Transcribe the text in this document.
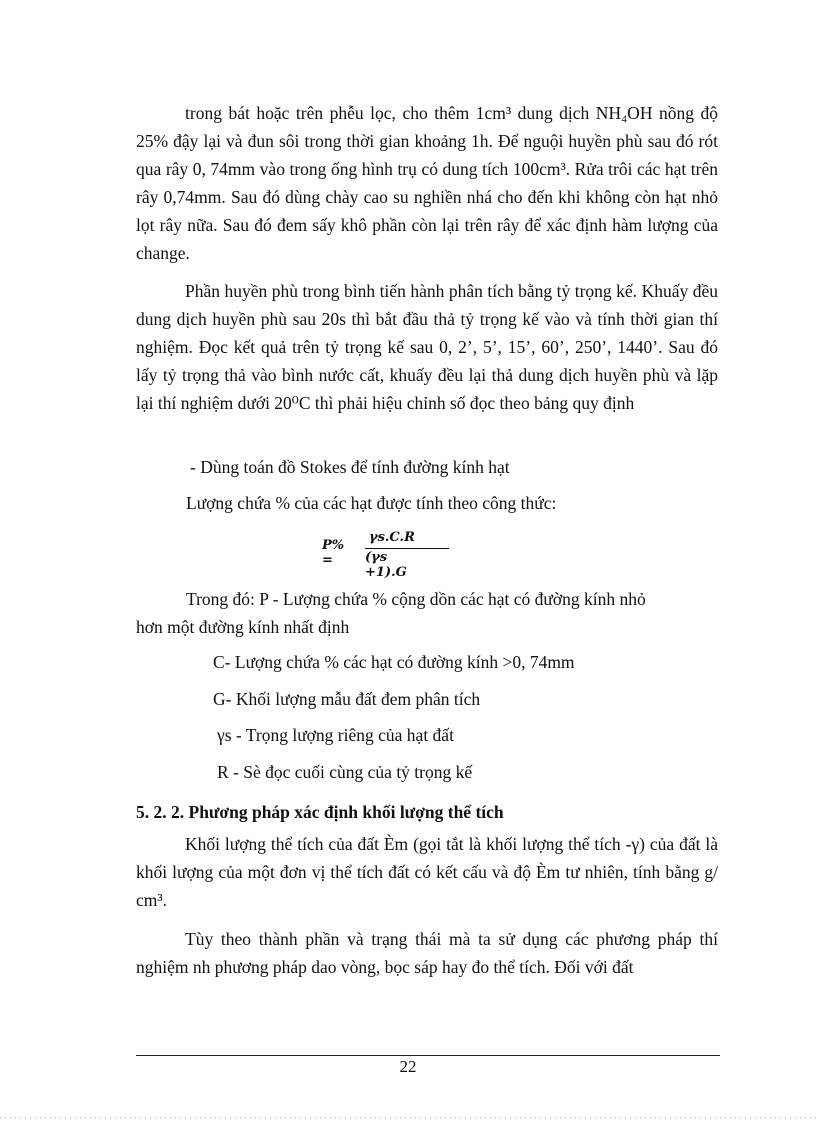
trong bát hoặc trên phễu lọc, cho thêm 1cm³ dung dịch NH₄OH nồng độ 25% đậy lại và đun sôi trong thời gian khoảng 1h. Để nguội huyền phù sau đó rót qua rây 0, 74mm vào trong ống hình trụ có dung tích 100cm³. Rửa trôi các hạt trên rây 0,74mm. Sau đó dùng chày cao su nghiền nhá cho đến khi không còn hạt nhỏ lọt rây nữa. Sau đó đem sấy khô phần còn lại trên rây để xác định hàm lượng của change.

Phần huyền phù trong bình tiến hành phân tích bằng tỷ trọng kế. Khuấy đều dung dịch huyền phù sau 20s thì bắt đầu thả tỷ trọng kế vào và tính thời gian thí nghiệm. Đọc kết quả trên tỷ trọng kế sau 0, 2’, 5’, 15’, 60’, 250’, 1440’. Sau đó lấy tỷ trọng thả vào bình nước cất, khuấy đều lại thả dung dịch huyền phù và lặp lại thí nghiệm dưới 20⁰C thì phải hiệu chỉnh số đọc theo bảng quy định

- Dùng toán đồ Stokes để tính đường kính hạt
Lượng chứa % của các hạt được tính theo công thức:
P% =
γs.C.R
(γs +1).G
Trong đó: P - Lượng chứa % cộng dồn các hạt có đường kính nhỏ
hơn một đường kính nhất định
C- Lượng chứa % các hạt có đường kính >0, 74mm
G- Khối lượng mẫu đất đem phân tích
γs - Trọng lượng riêng của hạt đất
R - Sè đọc cuối cùng của tỷ trọng kế
5. 2. 2. Phương pháp xác định khối lượng thể tích

Khối lượng thể tích của đất Èm (gọi tắt là khối lượng thể tích -γ) của đất là khối lượng của một đơn vị thể tích đất có kết cấu và độ Èm tư nhiên, tính bằng g/ cm³.

Tùy theo thành phần và trạng thái mà ta sử dụng các phương pháp thí nghiệm nh phương pháp dao vòng, bọc sáp hay đo thể tích. Đối với đất

22
